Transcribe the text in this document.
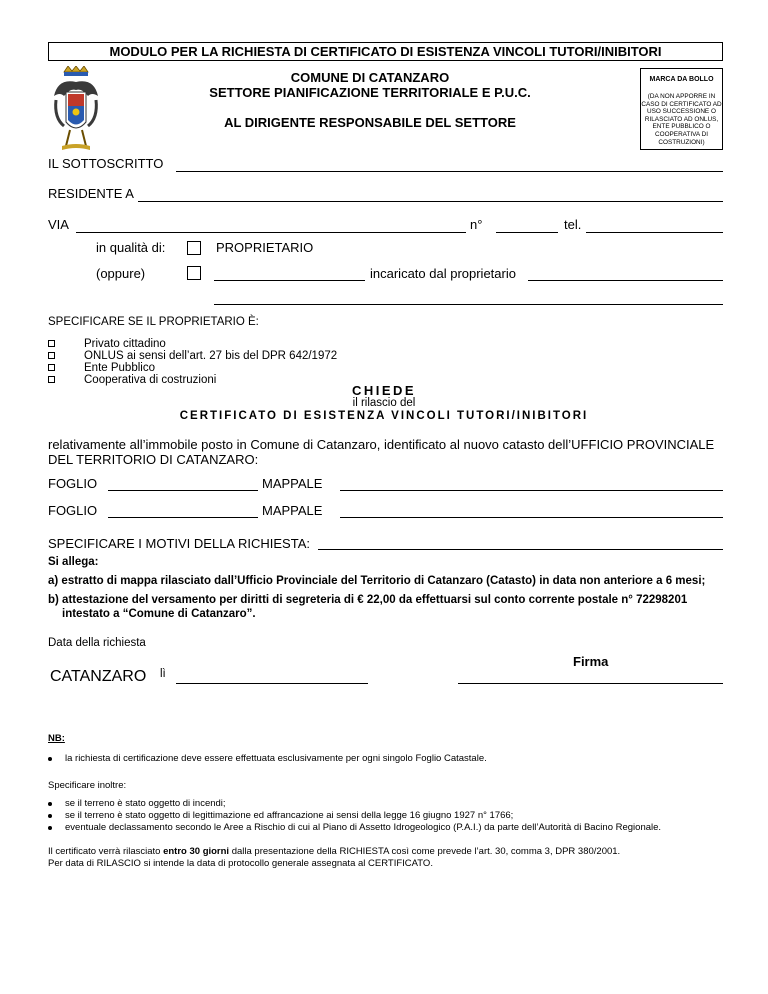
MODULO PER LA RICHIESTA DI CERTIFICATO DI ESISTENZA VINCOLI TUTORI/INIBITORI
COMUNE DI CATANZARO
SETTORE PIANIFICAZIONE TERRITORIALE E P.U.C.
AL DIRIGENTE RESPONSABILE DEL SETTORE
MARCA DA BOLLO
(DA NON APPORRE IN CASO DI CERTIFICATO AD USO SUCCESSIONE O RILASCIATO AD ONLUS, ENTE PUBBLICO O COOPERATIVA DI COSTRUZIONI)
IL SOTTOSCRITTO
RESIDENTE A
VIA	n°	tel.
in qualità di:	PROPRIETARIO
(oppure)	incaricato dal proprietario
SPECIFICARE SE IL PROPRIETARIO È:
Privato cittadino
ONLUS ai sensi dell’art. 27 bis del DPR 642/1972
Ente Pubblico
Cooperativa di costruzioni
CHIEDE
il rilascio del
CERTIFICATO DI ESISTENZA VINCOLI TUTORI/INIBITORI
relativamente all’immobile posto in Comune di Catanzaro, identificato al nuovo catasto dell’UFFICIO PROVINCIALE DEL TERRITORIO DI CATANZARO:
FOGLIO	MAPPALE
FOGLIO	MAPPALE
SPECIFICARE I MOTIVI DELLA RICHIESTA:
Si allega:
a) estratto di mappa rilasciato dall’Ufficio Provinciale del Territorio di Catanzaro (Catasto) in data non anteriore a 6 mesi;
b) attestazione del versamento per diritti di segreteria di € 22,00 da effettuarsi sul conto corrente postale n° 72298201
intestato a “Comune di Catanzaro”.
Data della richiesta
CATANZARO lì
Firma
NB:
la richiesta di certificazione deve essere effettuata esclusivamente per ogni singolo Foglio Catastale.
Specificare inoltre:
se il terreno è stato oggetto di incendi;
se il terreno è stato oggetto di legittimazione ed affrancazione ai sensi della legge 16 giugno 1927 n° 1766;
eventuale declassamento secondo le Aree a Rischio di cui al Piano di Assetto Idrogeologico (P.A.I.) da parte dell’Autorità di Bacino Regionale.
Il certificato verrà rilasciato entro 30 giorni dalla presentazione della RICHIESTA così come prevede l’art. 30, comma 3, DPR 380/2001.
Per data di RILASCIO si intende la data di protocollo generale assegnata al CERTIFICATO.
